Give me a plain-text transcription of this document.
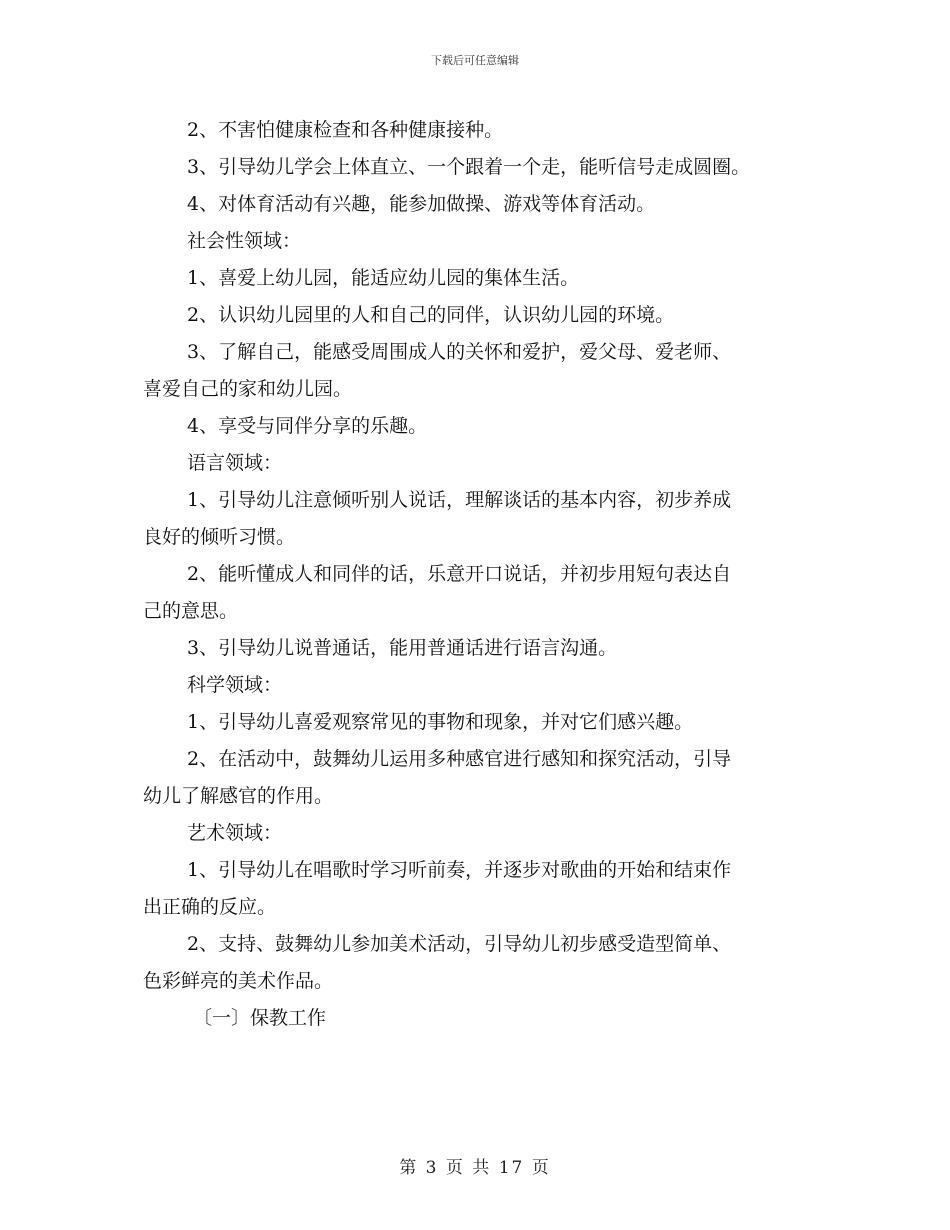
下载后可任意编辑

2、不害怕健康检查和各种健康接种。

3、引导幼儿学会上体直立、一个跟着一个走，能听信号走成圆圈。

4、对体育活动有兴趣，能参加做操、游戏等体育活动。

社会性领域：

1、喜爱上幼儿园，能适应幼儿园的集体生活。

2、认识幼儿园里的人和自己的同伴，认识幼儿园的环境。

3、了解自己，能感受周围成人的关怀和爱护，爱父母、爱老师、

喜爱自己的家和幼儿园。

4、享受与同伴分享的乐趣。

语言领域：

1、引导幼儿注意倾听别人说话，理解谈话的基本内容，初步养成

良好的倾听习惯。

2、能听懂成人和同伴的话，乐意开口说话，并初步用短句表达自

己的意思。

3、引导幼儿说普通话，能用普通话进行语言沟通。

科学领域：

1、引导幼儿喜爱观察常见的事物和现象，并对它们感兴趣。

2、在活动中，鼓舞幼儿运用多种感官进行感知和探究活动，引导

幼儿了解感官的作用。

艺术领域：

1、引导幼儿在唱歌时学习听前奏，并逐步对歌曲的开始和结束作

出正确的反应。

2、支持、鼓舞幼儿参加美术活动，引导幼儿初步感受造型简单、

色彩鲜亮的美术作品。

〔一〕保教工作

第 3 页 共 17 页
